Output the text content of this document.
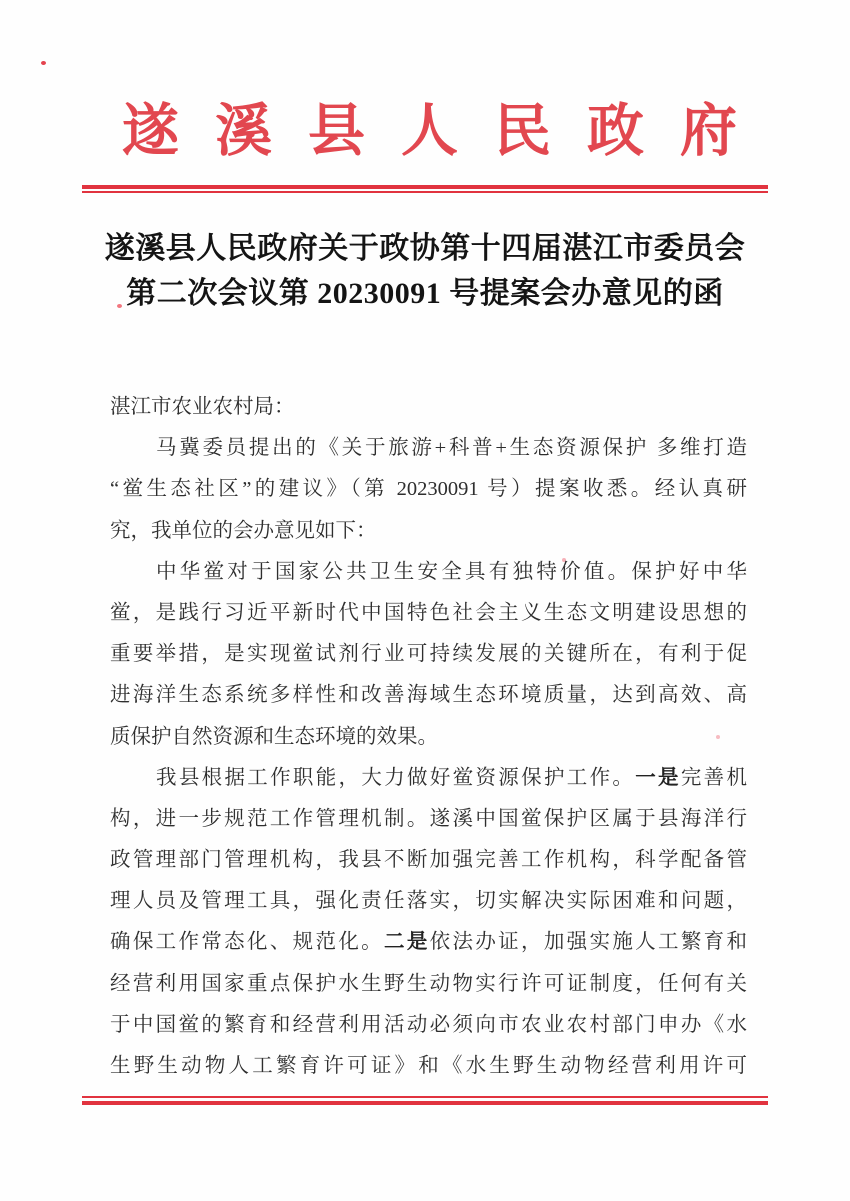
遂溪县人民政府
遂溪县人民政府关于政协第十四届湛江市委员会
第二次会议第 20230091 号提案会办意见的函
湛江市农业农村局：
马冀委员提出的《关于旅游+科普+生态资源保护 多维打造
“鲎生态社区”的建议》（第 20230091 号）提案收悉。经认真研
究，我单位的会办意见如下：
中华鲎对于国家公共卫生安全具有独特价值。保护好中华
鲎，是践行习近平新时代中国特色社会主义生态文明建设思想的
重要举措，是实现鲎试剂行业可持续发展的关键所在，有利于促
进海洋生态系统多样性和改善海域生态环境质量，达到高效、高
质保护自然资源和生态环境的效果。
我县根据工作职能，大力做好鲎资源保护工作。一是完善机
构，进一步规范工作管理机制。遂溪中国鲎保护区属于县海洋行
政管理部门管理机构，我县不断加强完善工作机构，科学配备管
理人员及管理工具，强化责任落实，切实解决实际困难和问题，
确保工作常态化、规范化。二是依法办证，加强实施人工繁育和
经营利用国家重点保护水生野生动物实行许可证制度，任何有关
于中国鲎的繁育和经营利用活动必须向市农业农村部门申办《水
生野生动物人工繁育许可证》和《水生野生动物经营利用许可
